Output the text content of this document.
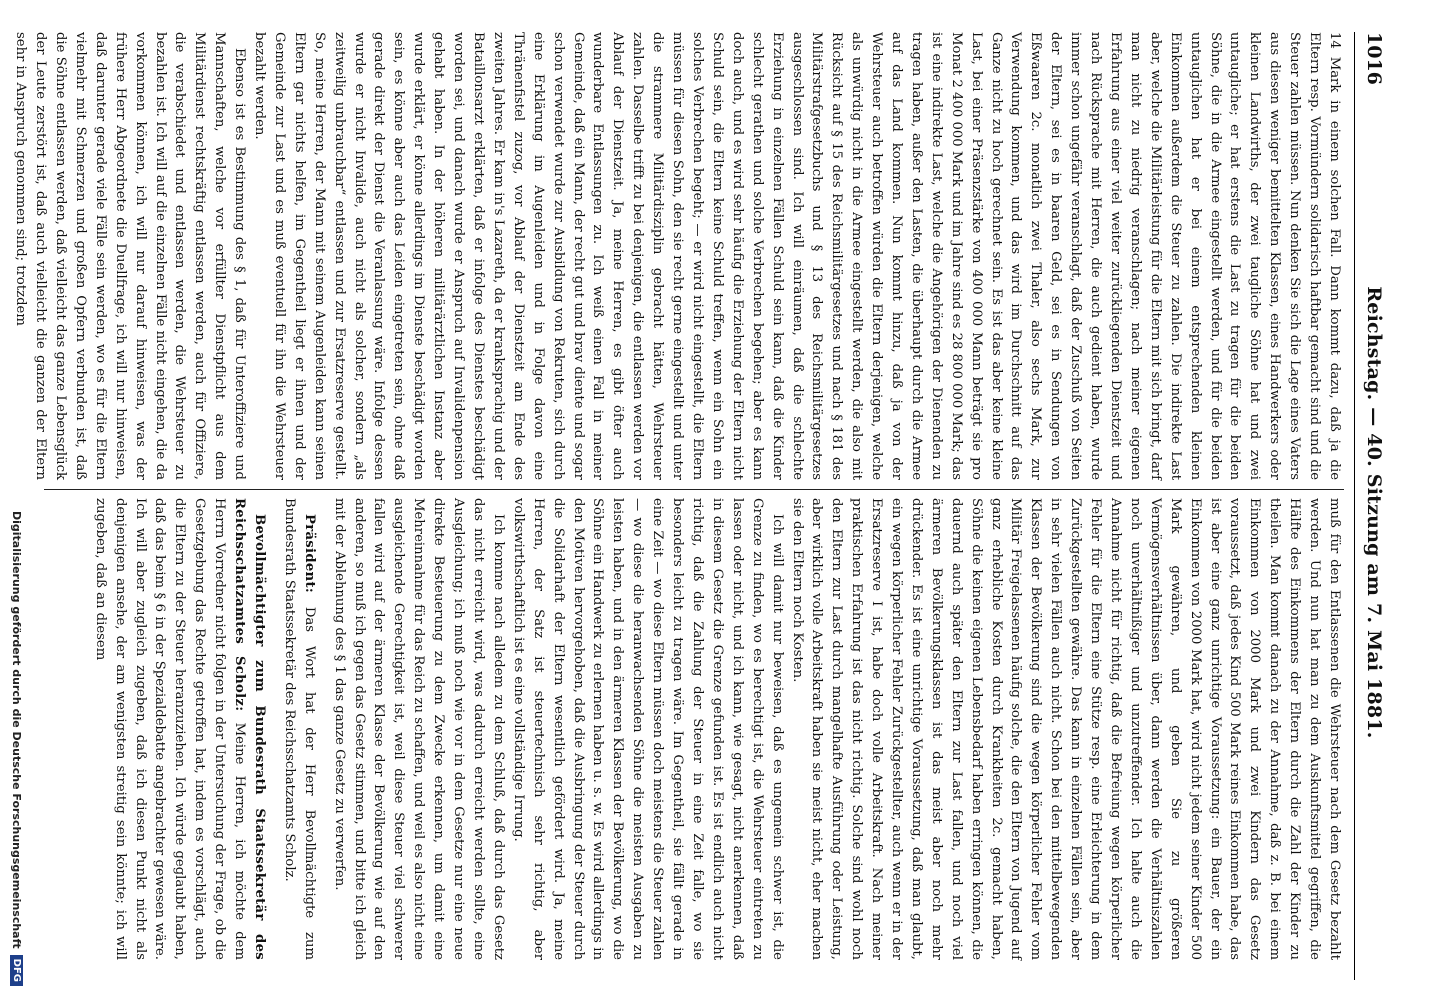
1016
Reichstag. — 40. Sitzung am 7. Mai 1881.

14 Mark in einem solchen Fall. Dann kommt dazu, daß ja die Eltern resp. Vormündern solidarisch haftbar gemacht sind und die Steuer zahlen müssen. Nun denken Sie sich die Lage eines Vaters aus diesen weniger bemittelten Klassen, eines Handwerkers oder kleinen Landwirths, der zwei taugliche Söhne hat und zwei untaugliche; er hat erstens die Last zu tragen für die beiden Söhne, die in die Armee eingestellt werden, und für die beiden untauglichen hat er bei einem entsprechenden kleinen Einkommen außerdem die Steuer zu zahlen. Die indirekte Last aber, welche die Militärleistung für die Eltern mit sich bringt, darf man nicht zu niedrig veranschlagen; nach meiner eigenen Erfahrung aus einer viel weiter zurückliegenden Dienstzeit und nach Rücksprache mit Herren, die auch gedient haben, wurde immer schon ungefähr veranschlagt, daß der Zuschuß von Seiten der Eltern, sei es in baaren Geld, sei es in Sendungen von Eßwaaren 2c. monatlich zwei Thaler, also sechs Mark, zur Verwendung kommen, und das wird im Durchschnitt auf das Ganze nicht zu hoch gerechnet sein. Es ist das aber keine kleine Last, bei einer Präsenzstärke von 400 000 Mann beträgt sie pro Monat 2 400 000 Mark und im Jahre sind es 28 800 000 Mark; das ist eine indirekte Last, welche die Angehörigen der Dienenden zu tragen haben, außer den Lasten, die überhaupt durch die Armee auf das Land kommen. Nun kommt hinzu, daß ja von der Wehrsteuer auch betroffen würden die Eltern derjenigen, welche als unwürdig nicht in die Armee eingestellt werden, die also mit Rücksicht auf § 15 des Reichsmilitärgesetzes und nach § 181 des Militärstrafgesetzbuchs und § 13 des Reichsmilitärgesetzes ausgeschlossen sind. Ich will einräumen, daß die schlechte Erziehung in einzelnen Fällen Schuld sein kann, daß die Kinder schlecht gerathen und solche Verbrechen begehen; aber es kann doch auch, und es wird sehr häufig die Erziehung der Eltern nicht Schuld sein, die Eltern keine Schuld treffen, wenn ein Sohn ein solches Verbrechen begeht; — er wird nicht eingestellt, die Eltern müssen für diesen Sohn, den sie recht gerne eingestellt und unter die strammere Militärdisziplin gebracht hätten, Wehrsteuer zahlen. Dasselbe trifft zu bei denjenigen, die entlassen werden vor Ablauf der Dienstzeit. Ja, meine Herren, es gibt öfter auch wunderbare Entlassungen zu. Ich weiß einen Fall in meiner Gemeinde, daß ein Mann, der recht gut und brav diente und sogar schon verwendet wurde zur Ausbildung von Rekruten, sich durch eine Erklärung im Augenleiden und in Folge davon eine Thränenfistel zuzog, vor Ablauf der Dienstzeit am Ende des zweiten Jahres. Er kam in's Lazareth, da er kranksprachig und der Bataillonsarzt erklärten, daß er infolge des Dienstes beschädigt worden sei, und danach wurde er Anspruch auf Invalidenpension gehabt haben. In der höheren militärärztlichen Instanz aber wurde erklärt, er könne allerdings im Dienste beschädigt worden sein, es könne aber auch das Leiden eingetreten sein, ohne daß gerade direkt der Dienst die Veranlassung wäre. Infolge dessen wurde er nicht Invalide, auch nicht als solcher, sondern „als zeitweilig unbrauchbar“ entlassen und zur Ersatzreserve gestellt. So, meine Herren, der Mann mit seinem Augenleiden kann seinen Eltern gar nichts helfen, im Gegentheil liegt er ihnen und der Gemeinde zur Last und es muß eventuell für ihn die Wehrsteuer bezahlt werden.

Ebenso ist es Bestimmung des § 1, daß für Unteroffiziere und Mannschaften, welche vor erfüllter Dienstpflicht aus dem Militärdienst rechtskräftig entlassen werden, auch für Offiziere, die verabschiedet und entlassen werden, die Wehrsteuer zu bezahlen ist. Ich will auf die einzelnen Fälle nicht eingehen, die da vorkommen können, ich will nur darauf hinweisen, was der frühere Herr Abgeordnete die Duellfrage, ich will nur hinweisen, daß darunter gerade viele Fälle sein werden, wo es für die Eltern vielmehr mit Schmerzen und großen Opfern verbunden ist, daß die Söhne entlassen werden, daß vielleicht das ganze Lebensglück der Leute zerstört ist, daß auch vielleicht die ganzen der Eltern sehr in Anspruch genommen sind; trotzdem

muß für den Entlassenen die Wehrsteuer nach dem Gesetz bezahlt werden. Und nun hat man zu dem Auskunftsmittel gegriffen, die Hälfte des Einkommens der Eltern durch die Zahl der Kinder zu theilen. Man kommt danach zu der Annahme, daß z. B. bei einem Einkommen von 2000 Mark und zwei Kindern das Gesetz voraussetzt, daß jedes Kind 500 Mark reines Einkommen habe, das ist aber eine ganz unrichtige Voraussetzung: ein Bauer, der ein Einkommen von 2000 Mark hat, wird nicht jedem seiner Kinder 500 Mark gewähren, und geben Sie zu größeren Vermögensverhältnissen über, dann werden die Verhältniszahlen noch unverhältnißiger und unzutreffender. Ich halte auch die Annahme nicht für richtig, daß die Befreiung wegen körperlicher Fehler für die Eltern eine Stütze resp. eine Erleichterung in dem Zurückgestellten gewähre. Das kann in einzelnen Fällen sein, aber in sehr vielen Fällen auch nicht. Schon bei den mittelbewegenden Klassen der Bevölkerung sind die wegen körperlicher Fehler vom Militär Freigelassenen häufig solche, die den Eltern von Jugend auf ganz erhebliche Kosten durch Krankheiten 2c. gemacht haben, Söhne die keinen eigenen Lebensbedarf haben erringen können, die dauernd auch später den Eltern zur Last fallen, und noch viel ärmeren Bevölkerungsklassen ist das meist aber noch mehr drückender. Es ist eine unrichtige Voraussetzung, daß man glaubt, ein wegen körperlicher Fehler Zurückgestellter, auch wenn er in der Ersatzreserve I ist, habe doch volle Arbeitskraft. Nach meiner praktischen Erfahrung ist das nicht richtig. Solche sind wohl noch den Eltern zur Last durch mangelhafte Ausführung oder Leistung, aber wirklich volle Arbeitskraft haben sie meist nicht, eher machen sie den Eltern noch Kosten.

Ich will damit nur beweisen, daß es ungemein schwer ist, die Grenze zu finden, wo es berechtigt ist, die Wehrsteuer eintreten zu lassen oder nicht, und ich kann, wie gesagt, nicht anerkennen, daß in diesem Gesetz die Grenze gefunden ist. Es ist endlich auch nicht richtig, daß die Zahlung der Steuer in eine Zeit falle, wo sie besonders leicht zu tragen wäre. Im Gegentheil, sie fällt gerade in eine Zeit — wo diese Eltern müssen doch meistens die Steuer zahlen — wo diese die heranwachsenden Söhne die meisten Ausgaben zu leisten haben, und in den ärmeren Klassen der Bevölkerung, wo die Söhne ein Handwerk zu erlernen haben u. s. w. Es wird allerdings in den Motiven hervorgehoben, daß die Ausbringung der Steuer durch die Solidarhaft der Eltern wesentlich gefördert wird. Ja, meine Herren, der Satz ist steuertechnisch sehr richtig, aber volkswirthschaftlich ist es eine vollständige Irrung.

Ich komme nach alledem zu dem Schluß, daß durch das Gesetz das nicht erreicht wird, was dadurch erreicht werden sollte, eine Ausgleichung; ich muß noch wie vor in dem Gesetze nur eine neue direkte Besteuerung zu dem Zwecke erkennen, um damit eine Mehreinnahme für das Reich zu schaffen, und weil es also nicht eine ausgleichende Gerechtigkeit ist, weil diese Steuer viel schwerer fallen wird auf der ärmeren Klasse der Bevölkerung wie auf den anderen, so muß ich gegen das Gesetz stimmen, und bitte ich gleich mit der Ablehnung des § 1 das ganze Gesetz zu verwerfen.

Präsident: Das Wort hat der Herr Bevollmächtigte zum Bundesrath Staatssekretär des Reichsschatzamts Scholz.

Bevollmächtigter zum Bundesrath Staatssekretär des Reichsschatzamtes Scholz: Meine Herren, ich möchte dem Herrn Vorredner nicht folgen in der Untersuchung der Frage, ob die Gesetzgebung das Rechte getroffen hat, indem es vorschlägt, auch die Eltern zu der Steuer heranzuziehen. Ich würde geglaubt haben, daß das beim § 6 in der Spezialdebatte angebrachter gewesen wäre. Ich will aber zugleich zugeben, daß ich diesen Punkt nicht als denjenigen ansehe, der am wenigsten streitig sein könnte; ich will zugeben, daß an diesem

Digitalisierung gefördert durch die Deutsche Forschungsgemeinschaft
DFG
